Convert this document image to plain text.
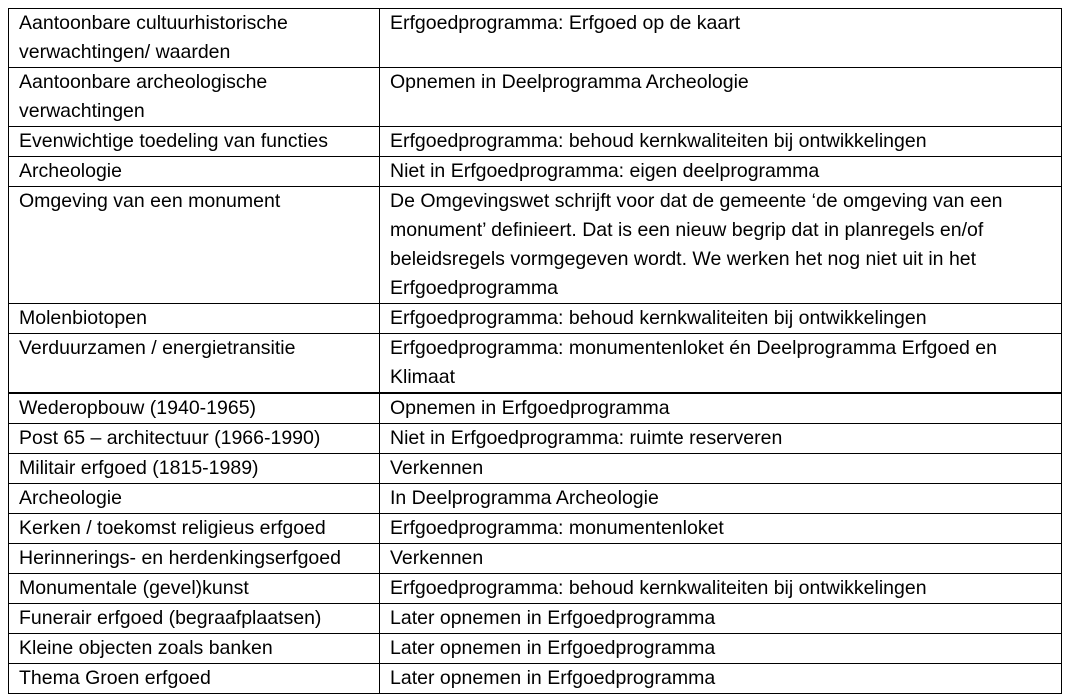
Aantoonbare cultuurhistorische verwachtingen/ waarden	Erfgoedprogramma: Erfgoed op de kaart
Aantoonbare archeologische verwachtingen	Opnemen in Deelprogramma Archeologie
Evenwichtige toedeling van functies	Erfgoedprogramma: behoud kernkwaliteiten bij ontwikkelingen
Archeologie	Niet in Erfgoedprogramma: eigen deelprogramma
Omgeving van een monument	De Omgevingswet schrijft voor dat de gemeente ‘de omgeving van een monument’ definieert. Dat is een nieuw begrip dat in planregels en/of beleidsregels vormgegeven wordt. We werken het nog niet uit in het Erfgoedprogramma
Molenbiotopen	Erfgoedprogramma: behoud kernkwaliteiten bij ontwikkelingen
Verduurzamen / energietransitie	Erfgoedprogramma: monumentenloket én Deelprogramma Erfgoed en Klimaat
Wederopbouw (1940-1965)	Opnemen in Erfgoedprogramma
Post 65 – architectuur (1966-1990)	Niet in Erfgoedprogramma: ruimte reserveren
Militair erfgoed (1815-1989)	Verkennen
Archeologie	In Deelprogramma Archeologie
Kerken / toekomst religieus erfgoed	Erfgoedprogramma: monumentenloket
Herinnerings- en herdenkingserfgoed	Verkennen
Monumentale (gevel)kunst	Erfgoedprogramma: behoud kernkwaliteiten bij ontwikkelingen
Funerair erfgoed (begraafplaatsen)	Later opnemen in Erfgoedprogramma
Kleine objecten zoals banken	Later opnemen in Erfgoedprogramma
Thema Groen erfgoed	Later opnemen in Erfgoedprogramma
